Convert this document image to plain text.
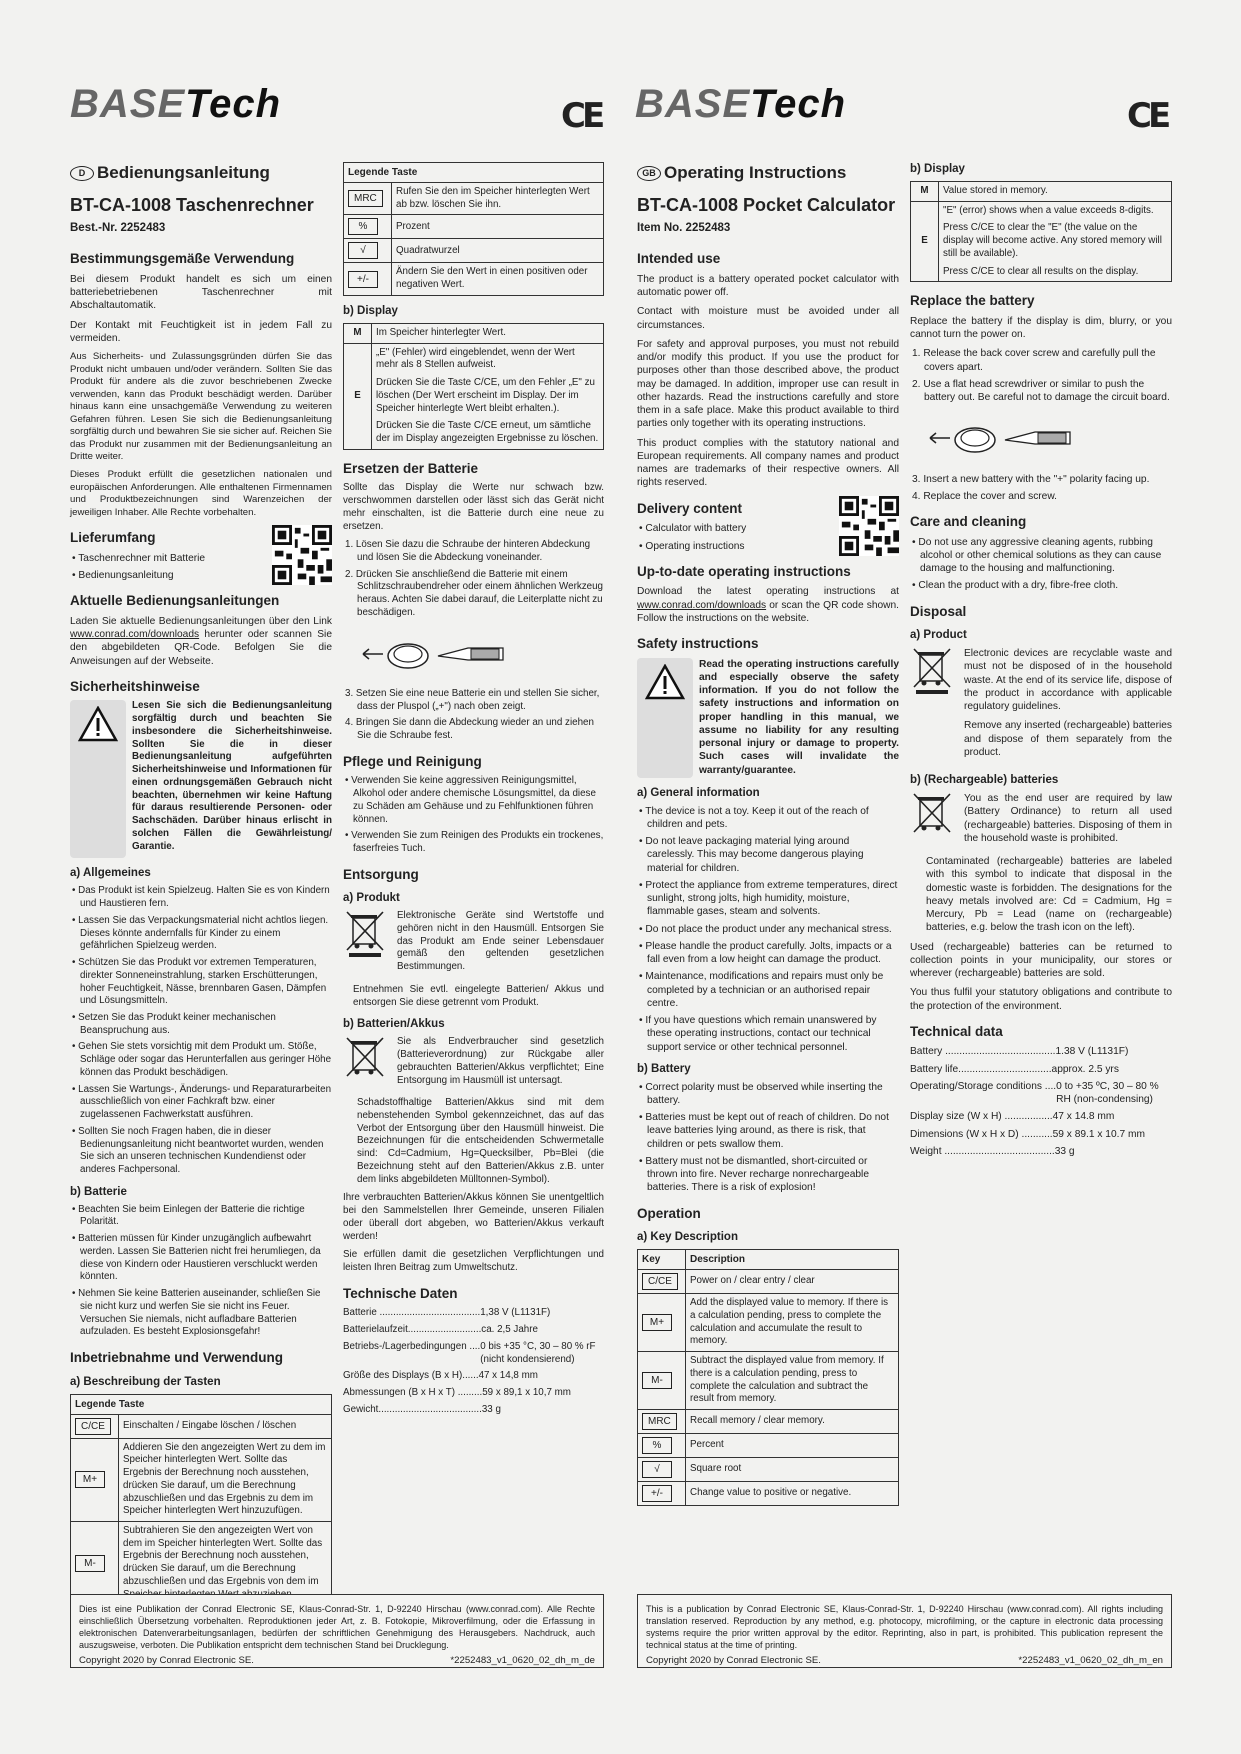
BASETech	CE BASETech	CE
D Bedienungsanleitung
BT-CA-1008 Taschenrechner
Best.-Nr. 2252483
Bestimmungsgemäße Verwendung

Bei diesem Produkt handelt es sich um einen batteriebetriebenen Taschenrechner mit Abschaltautomatik.

Der Kontakt mit Feuchtigkeit ist in jedem Fall zu vermeiden.

Aus Sicherheits- und Zulassungsgründen dürfen Sie das Produkt nicht umbauen und/oder verändern. Sollten Sie das Produkt für andere als die zuvor beschriebenen Zwecke verwenden, kann das Produkt beschädigt werden. Darüber hinaus kann eine unsachgemäße Verwendung zu weiteren Gefahren führen. Lesen Sie sich die Bedienungsanleitung sorgfältig durch und bewahren Sie sie sicher auf. Reichen Sie das Produkt nur zusammen mit der Bedienungsanleitung an Dritte weiter.

Dieses Produkt erfüllt die gesetzlichen nationalen und europäischen Anforderungen. Alle enthaltenen Firmennamen und Produktbezeichnungen sind Warenzeichen der jeweiligen Inhaber. Alle Rechte vorbehalten.

Lieferumfang
• Taschenrechner mit Batterie
• Bedienungsanleitung
Aktuelle Bedienungsanleitungen

Laden Sie aktuelle Bedienungsanleitungen über den Link www.conrad.com/downloads herunter oder scannen Sie den abgebildeten QR-Code. Befolgen Sie die Anweisungen auf der Webseite.

Sicherheitshinweise
Lesen Sie sich die Bedienungsanleitung sorgfältig durch und beachten Sie insbesondere die Sicherheitshinweise. Sollten Sie die in dieser Bedienungsanleitung aufgeführten Sicherheitshinweise und Informationen für einen ordnungsgemäßen Gebrauch nicht beachten, übernehmen wir keine Haftung für daraus resultierende Personen- oder Sachschäden. Darüber hinaus erlischt in solchen Fällen die Gewährleistung/ Garantie.
a) Allgemeines
• Das Produkt ist kein Spielzeug. Halten Sie es von Kindern und Haustieren fern.
• Lassen Sie das Verpackungsmaterial nicht achtlos liegen. Dieses könnte andernfalls für Kinder zu einem gefährlichen Spielzeug werden.
• Schützen Sie das Produkt vor extremen Temperaturen, direkter Sonneneinstrahlung, starken Erschütterungen, hoher Feuchtigkeit, Nässe, brennbaren Gasen, Dämpfen und Lösungsmitteln.
• Setzen Sie das Produkt keiner mechanischen Beanspruchung aus.
• Gehen Sie stets vorsichtig mit dem Produkt um. Stöße, Schläge oder sogar das Herunterfallen aus geringer Höhe können das Produkt beschädigen.
• Lassen Sie Wartungs-, Änderungs- und Reparaturarbeiten ausschließlich von einer Fachkraft bzw. einer zugelassenen Fachwerkstatt ausführen.
• Sollten Sie noch Fragen haben, die in dieser Bedienungsanleitung nicht beantwortet wurden, wenden Sie sich an unseren technischen Kundendienst oder anderes Fachpersonal.
b) Batterie
• Beachten Sie beim Einlegen der Batterie die richtige Polarität.
• Batterien müssen für Kinder unzugänglich aufbewahrt werden. Lassen Sie Batterien nicht frei herumliegen, da diese von Kindern oder Haustieren verschluckt werden könnten.
• Nehmen Sie keine Batterien auseinander, schließen Sie sie nicht kurz und werfen Sie sie nicht ins Feuer. Versuchen Sie niemals, nicht aufladbare Batterien aufzuladen. Es besteht Explosionsgefahr!
Inbetriebnahme und Verwendung
a) Beschreibung der Tasten
Legende Taste	
C/CE	Einschalten / Eingabe löschen / löschen
M+	Addieren Sie den angezeigten Wert zu dem im Speicher hinterlegten Wert. Sollte das Ergebnis der Berechnung noch ausstehen, drücken Sie darauf, um die Berechnung abzuschließen und das Ergebnis zu dem im Speicher hinterlegten Wert hinzuzufügen.
M-	Subtrahieren Sie den angezeigten Wert von dem im Speicher hinterlegten Wert. Sollte das Ergebnis der Berechnung noch ausstehen, drücken Sie darauf, um die Berechnung abzuschließen und das Ergebnis von dem im
Legende Taste	
MRC	Rufen Sie den im Speicher hinterlegten Wert ab bzw. löschen Sie ihn.
%	Prozent
√	Quadratwurzel
+/-	Ändern Sie den Wert in einen positiven oder negativen Wert.
b) Display
M	Im Speicher hinterlegter Wert.
E	„E" (Fehler) wird eingeblendet, wenn der Wert mehr als 8 Stellen aufweist.
Drücken Sie die Taste C/CE, um den Fehler „E" zu löschen (Der Wert erscheint im Display. Der im Speicher hinterlegte Wert bleibt erhalten.).
Drücken Sie die Taste C/CE erneut, um sämtliche der im Display angezeigten Ergebnisse zu löschen.
Ersetzen der Batterie

Sollte das Display die Werte nur schwach bzw. verschwommen darstellen oder lässt sich das Gerät nicht mehr einschalten, ist die Batterie durch eine neue zu ersetzen.

1. Lösen Sie dazu die Schraube der hinteren Abdeckung und lösen Sie die Abdeckung voneinander.
2. Drücken Sie anschließend die Batterie mit einem Schlitzschraubendreher oder einem ähnlichen Werkzeug heraus. Achten Sie dabei darauf, die Leiterplatte nicht zu beschädigen.
3. Setzen Sie eine neue Batterie ein und stellen Sie sicher, dass der Pluspol („+") nach oben zeigt.
4. Bringen Sie dann die Abdeckung wieder an und ziehen Sie die Schraube fest.
Pflege und Reinigung
• Verwenden Sie keine aggressiven Reinigungsmittel, Alkohol oder andere chemische Lösungsmittel, da diese zu Schäden am Gehäuse und zu Fehlfunktionen führen können.
• Verwenden Sie zum Reinigen des Produkts ein trockenes, faserfreies Tuch.
Entsorgung
a) Produkt

Elektronische Geräte sind Wertstoffe und gehören nicht in den Hausmüll. Entsorgen Sie das Produkt am Ende seiner Lebensdauer gemäß den geltenden gesetzlichen Bestimmungen.

Entnehmen Sie evtl. eingelegte Batterien/ Akkus und entsorgen Sie diese getrennt vom Produkt.

b) Batterien/Akkus

Sie als Endverbraucher sind gesetzlich (Batterieverordnung) zur Rückgabe aller gebrauchten Batterien/Akkus verpflichtet; Eine Entsorgung im Hausmüll ist untersagt.

Schadstoffhaltige Batterien/Akkus sind mit dem nebenstehenden Symbol gekennzeichnet, das auf das Verbot der Entsorgung über den Hausmüll hinweist. Die Bezeichnungen für die entscheidenden Schwermetalle sind: Cd=Cadmium, Hg=Quecksilber, Pb=Blei (die Bezeichnung steht auf den Batterien/Akkus z.B. unter dem links abgebildeten Mülltonnen-Symbol).

Ihre verbrauchten Batterien/Akkus können Sie unentgeltlich bei den Sammelstellen Ihrer Gemeinde, unseren Filialen oder überall dort abgeben, wo Batterien/Akkus verkauft werden!

Sie erfüllen damit die gesetzlichen Verpflichtungen und leisten Ihren Beitrag zum Umweltschutz.

Technische Daten
Batterie ..................................... 1,38 V (L1131F)
Batterielaufzeit........................... ca. 2,5 Jahre
Betriebs-/Lagerbedingungen .... 0 bis +35 °C, 30 – 80 % rF (nicht kondensierend)
Größe des Displays (B x H)...... 47 x 14,8 mm
Abmessungen (B x H x T) ......... 59 x 89,1 x 10,7 mm
Gewicht...................................... 33 g
GB Operating Instructions
BT-CA-1008 Pocket Calculator
Item No. 2252483
Intended use

The product is a battery operated pocket calculator with automatic power off.

Contact with moisture must be avoided under all circumstances.

For safety and approval purposes, you must not rebuild and/or modify this product. If you use the product for purposes other than those described above, the product may be damaged. In addition, improper use can result in other hazards. Read the instructions carefully and store them in a safe place. Make this product available to third parties only together with its operating instructions.

This product complies with the statutory national and European requirements. All company names and product names are trademarks of their respective owners. All rights reserved.

Delivery content
• Calculator with battery
• Operating instructions
Up-to-date operating instructions

Download the latest operating instructions at www.conrad.com/downloads or scan the QR code shown. Follow the instructions on the website.

Safety instructions
Read the operating instructions carefully and especially observe the safety information. If you do not follow the safety instructions and information on proper handling in this manual, we assume no liability for any resulting personal injury or damage to property. Such cases will invalidate the warranty/guarantee.
a) General information
• The device is not a toy. Keep it out of the reach of children and pets.
• Do not leave packaging material lying around carelessly. This may become dangerous playing material for children.
• Protect the appliance from extreme temperatures, direct sunlight, strong jolts, high humidity, moisture, flammable gases, steam and solvents.
• Do not place the product under any mechanical stress.
• Please handle the product carefully. Jolts, impacts or a fall even from a low height can damage the product.
• Maintenance, modifications and repairs must only be completed by a technician or an authorised repair centre.
• If you have questions which remain unanswered by these operating instructions, contact our technical support service or other technical personnel.
b) Battery
• Correct polarity must be observed while inserting the battery.
• Batteries must be kept out of reach of children. Do not leave batteries lying around, as there is risk, that children or pets swallow them.
• Battery must not be dismantled, short-circuited or thrown into fire. Never recharge nonrechargeable batteries. There is a risk of explosion!
Operation
a) Key Description
Key	Description
C/CE	Power on / clear entry / clear
M+	Add the displayed value to memory. If there is a calculation pending, press to complete the calculation and accumulate the result to memory.
M-	Subtract the displayed value from memory. If there is a calculation pending, press to complete the calculation and subtract the result from memory.
MRC	Recall memory / clear memory.
%	Percent
√	Square root
+/-	Change value to positive or negative.
b) Display
M	Value stored in memory.
E	"E" (error) shows when a value exceeds 8-digits.
Press C/CE to clear the "E" (the value on the display will become active. Any stored memory will still be available).
Press C/CE to clear all results on the display.
Replace the battery

Replace the battery if the display is dim, blurry, or you cannot turn the power on.

1. Release the back cover screw and carefully pull the covers apart.
2. Use a flat head screwdriver or similar to push the battery out. Be careful not to damage the circuit board.
3. Insert a new battery with the "+" polarity facing up.
4. Replace the cover and screw.
Care and cleaning
• Do not use any aggressive cleaning agents, rubbing alcohol or other chemical solutions as they can cause damage to the housing and malfunctioning.
• Clean the product with a dry, fibre-free cloth.
Disposal
a) Product

Electronic devices are recyclable waste and must not be disposed of in the household waste. At the end of its service life, dispose of the product in accordance with applicable regulatory guidelines.

Remove any inserted (rechargeable) batteries and dispose of them separately from the product.

b) (Rechargeable) batteries

You as the end user are required by law (Battery Ordinance) to return all used (rechargeable) batteries. Disposing of them in the household waste is prohibited.

Contaminated (rechargeable) batteries are labeled with this symbol to indicate that disposal in the domestic waste is forbidden. The designations for the heavy metals involved are: Cd = Cadmium, Hg = Mercury, Pb = Lead (name on (rechargeable) batteries, e.g. below the trash icon on the left).

Used (rechargeable) batteries can be returned to collection points in your municipality, our stores or wherever (rechargeable) batteries are sold.

You thus fulfil your statutory obligations and contribute to the protection of the environment.

Technical data
Battery ....................................... 1.38 V (L1131F)
Battery life................................. approx. 2.5 yrs
Operating/Storage conditions .... 0 to +35 ºC, 30 – 80 % RH (non-condensing)
Display size (W x H) ................. 47 x 14.8 mm
Dimensions (W x H x D) ........... 59 x 89.1 x 10.7 mm
Weight ....................................... 33 g

Dies ist eine Publikation der Conrad Electronic SE, Klaus-Conrad-Str. 1, D-92240 Hirschau (www.conrad.com). Alle Rechte einschließlich Übersetzung vorbehalten. Reproduktionen jeder Art, z. B. Fotokopie, Mikroverfilmung, oder die Erfassung in elektronischen Datenverarbeitungsanlagen, bedürfen der schriftlichen Genehmigung des Herausgebers. Nachdruck, auch auszugsweise, verboten. Die Publikation entspricht dem technischen Stand bei Drucklegung.

Copyright 2020 by Conrad Electronic SE.	*2252483_v1_0620_02_dh_m_de

This is a publication by Conrad Electronic SE, Klaus-Conrad-Str. 1, D-92240 Hirschau (www.conrad.com). All rights including translation reserved. Reproduction by any method, e.g. photocopy, microfilming, or the capture in electronic data processing systems require the prior written approval by the editor. Reprinting, also in part, is prohibited. This publication represent the technical status at the time of printing.

Copyright 2020 by Conrad Electronic SE.	*2252483_v1_0620_02_dh_m_en
